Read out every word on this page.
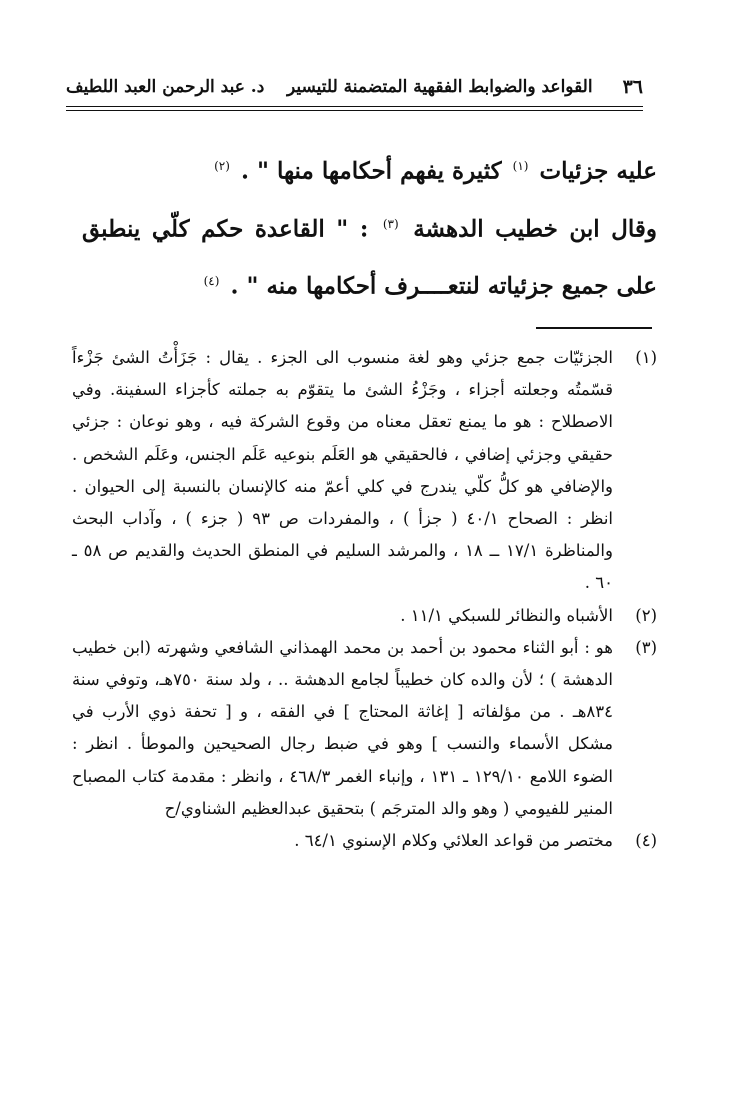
٣٦
القواعد والضوابط الفقهية المتضمنة للتيسير
د. عبد الرحمن العبد اللطيف

عليه جزئيات $^{(١)}$ كثيرة يفهم أحكامها منها " . $^{(٢)}$

وقال ابن خطيب الدهشة $^{(٣)}$ : " القاعدة حكم كلّي ينطبق على جميع جزئياته لنتعــــرف أحكامها منه " . $^{(٤)}$

(١)
الجزئيّات جمع جزئي وهو لغة منسوب الى الجزء . يقال : جَزَأْتُ الشئ جَزْءاً قسّمتُه وجعلته أجزاء ، وجَزْءُ الشئ ما يتقوّم به جملته كأجزاء السفينة. وفي الاصطلاح : هو ما يمنع تعقل معناه من وقوع الشركة فيه ، وهو نوعان : جزئي حقيقي وجزئي إضافي ، فالحقيقي هو العَلَم بنوعيه عَلَم الجنس، وعَلَم الشخص . والإضافي هو كلُّ كلّي يندرج في كلي أعمّ منه كالإنسان بالنسبة إلى الحيوان . انظر : الصحاح ٤٠/١ ( جزأ ) ، والمفردات ص ٩٣ ( جزء ) ، وآداب البحث والمناظرة ١٧/١ ــ ١٨ ، والمرشد السليم في المنطق الحديث والقديم ص ٥٨ ـ ٦٠ .
(٢)
الأشباه والنظائر للسبكي ١١/١ .
(٣)
هو : أبو الثناء محمود بن أحمد بن محمد الهمذاني الشافعي وشهرته (ابن خطيب الدهشة ) ؛ لأن والده كان خطيباً لجامع الدهشة .. ، ولد سنة ٧٥٠هـ، وتوفي سنة ٨٣٤هـ . من مؤلفاته [ إغاثة المحتاج ] في الفقه ، و [ تحفة ذوي الأرب في مشكل الأسماء والنسب ] وهو في ضبط رجال الصحيحين والموطأ . انظر : الضوء اللامع ١٢٩/١٠ ـ ١٣١ ، وإنباء الغمر ٤٦٨/٣ ، وانظر : مقدمة كتاب المصباح المنير للفيومي ( وهو والد المترجَم ) بتحقيق عبدالعظيم الشناوي/ح
(٤)
مختصر من قواعد العلائي وكلام الإسنوي ٦٤/١ .
